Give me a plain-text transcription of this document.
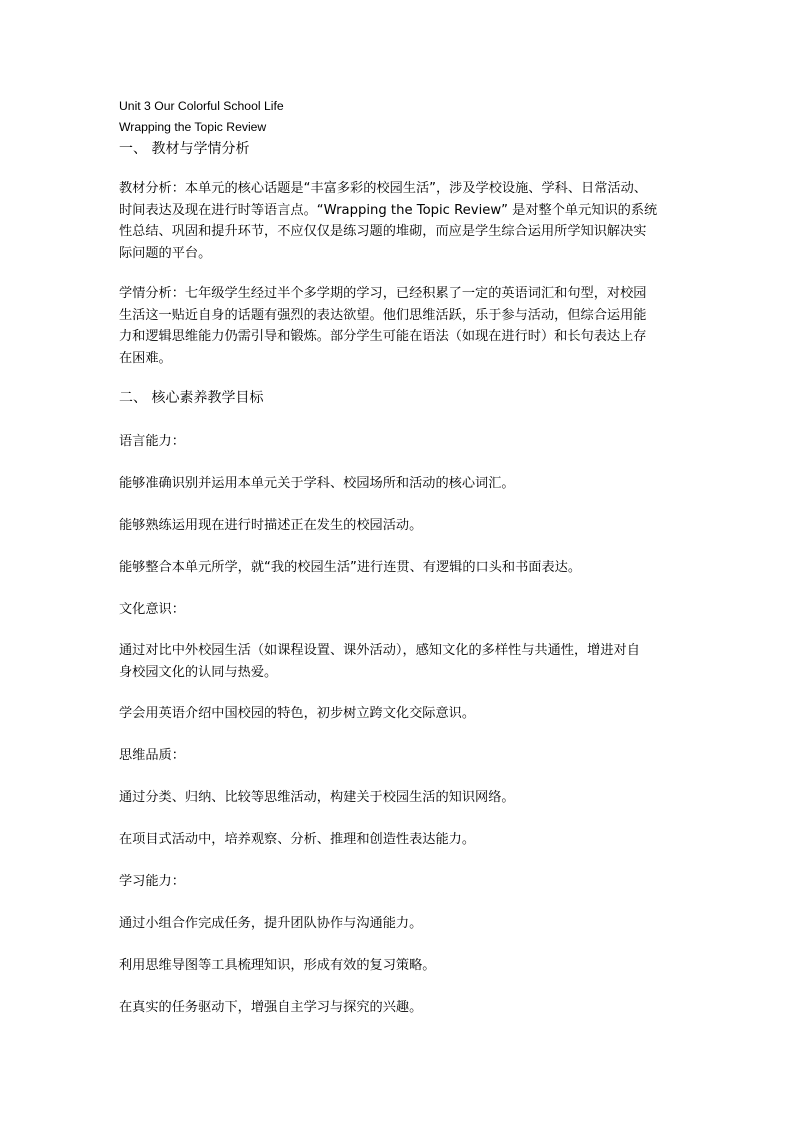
Unit 3 Our Colorful School Life
Wrapping the Topic Review
一、 教材与学情分析
教材分析：本单元的核心话题是“丰富多彩的校园生活”，涉及学校设施、学科、日常活动、
时间表达及现在进行时等语言点。“Wrapping the Topic Review” 是对整个单元知识的系统
性总结、巩固和提升环节，不应仅仅是练习题的堆砌，而应是学生综合运用所学知识解决实
际问题的平台。
学情分析：七年级学生经过半个多学期的学习，已经积累了一定的英语词汇和句型，对校园
生活这一贴近自身的话题有强烈的表达欲望。他们思维活跃，乐于参与活动，但综合运用能
力和逻辑思维能力仍需引导和锻炼。部分学生可能在语法（如现在进行时）和长句表达上存
在困难。
二、 核心素养教学目标
语言能力：
能够准确识别并运用本单元关于学科、校园场所和活动的核心词汇。
能够熟练运用现在进行时描述正在发生的校园活动。
能够整合本单元所学，就“我的校园生活”进行连贯、有逻辑的口头和书面表达。
文化意识：
通过对比中外校园生活（如课程设置、课外活动），感知文化的多样性与共通性，增进对自
身校园文化的认同与热爱。
学会用英语介绍中国校园的特色，初步树立跨文化交际意识。
思维品质：
通过分类、归纳、比较等思维活动，构建关于校园生活的知识网络。
在项目式活动中，培养观察、分析、推理和创造性表达能力。
学习能力：
通过小组合作完成任务，提升团队协作与沟通能力。
利用思维导图等工具梳理知识，形成有效的复习策略。
在真实的任务驱动下，增强自主学习与探究的兴趣。
